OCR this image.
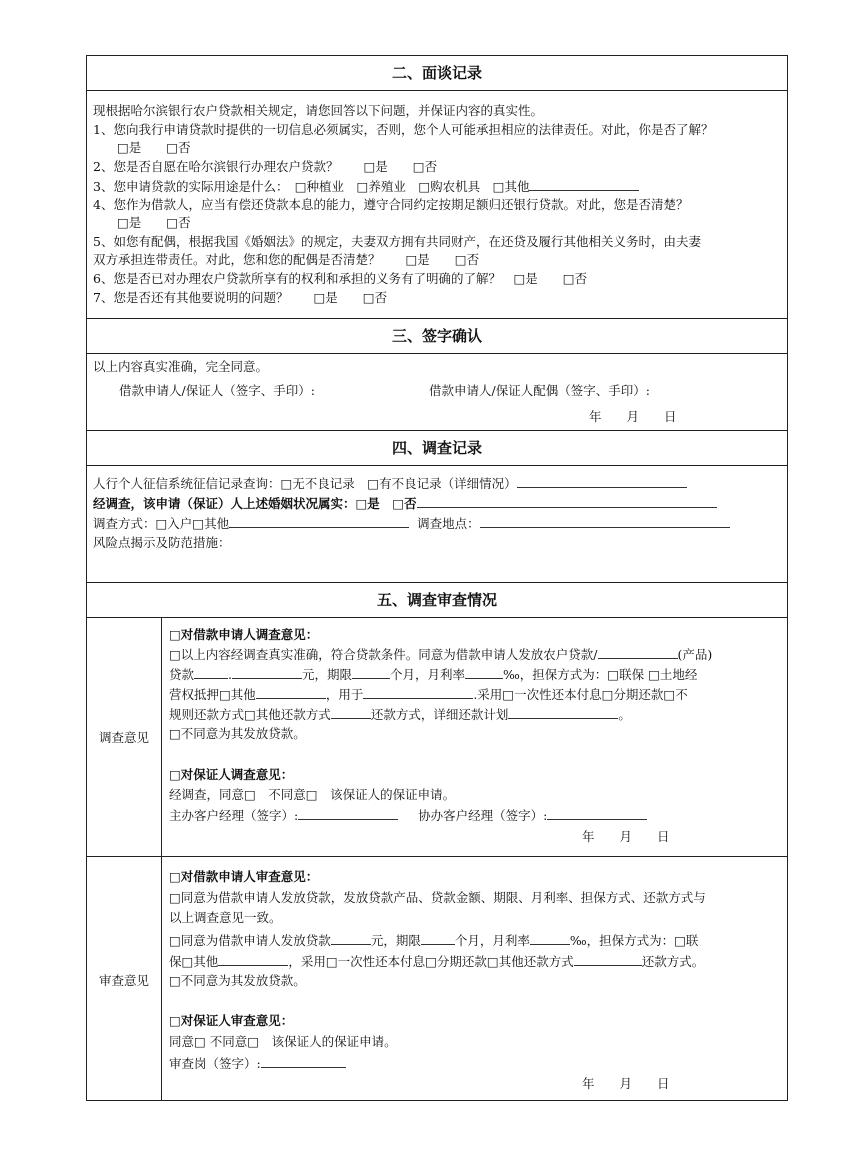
二、面谈记录
现根据哈尔滨银行农户贷款相关规定，请您回答以下问题，并保证内容的真实性。
1、您向我行申请贷款时提供的一切信息必须属实，否则，您个人可能承担相应的法律责任。对此，你是否了解？
□是　　□否
2、您是否自愿在哈尔滨银行办理农户贷款？　　□是　　□否
3、您申请贷款的实际用途是什么：　□种植业　□养殖业　□购农机具　□其他
4、您作为借款人，应当有偿还贷款本息的能力，遵守合同约定按期足额归还银行贷款。对此，您是否清楚？
□是　　□否
5、如您有配偶，根据我国《婚姻法》的规定，夫妻双方拥有共同财产，在还贷及履行其他相关义务时，由夫妻
双方承担连带责任。对此，您和您的配偶是否清楚？　　□是　　□否
6、您是否已对办理农户贷款所享有的权利和承担的义务有了明确的了解？　□是　　□否
7、您是否还有其他要说明的问题？　　□是　　□否
三、签字确认
以上内容真实准确，完全同意。
借款申请人/保证人（签字、手印）:	借款申请人/保证人配偶（签字、手印）:
年　　月　　日
四、调查记录
人行个人征信系统征信记录查询：□无不良记录　□有不良记录（详细情况）
经调查，该申请（保证）人上述婚姻状况属实：□是　□否
调查方式：□入户□其他	调查地点：
风险点揭示及防范措施：
五、调查审查情况
调查意见
□对借款申请人调查意见：
□以上内容经调查真实准确，符合贷款条件。同意为借款申请人发放农户贷款/	(产品)
贷款	.	元，期限	个月，月利率	‰，担保方式为：□联保 □土地经
营权抵押□其他	，用于	.采用□一次性还本付息□分期还款□不
规则还款方式□其他还款方式	还款方式，详细还款计划	。
□不同意为其发放贷款。
□对保证人调查意见：
经调查，同意□　不同意□　该保证人的保证申请。
主办客户经理（签字）:	协办客户经理（签字）:
年　　月　　日
审查意见
□对借款申请人审查意见：
□同意为借款申请人发放贷款，发放贷款产品、贷款金额、期限、月利率、担保方式、还款方式与
以上调查意见一致。
□同意为借款申请人发放贷款	元，期限	个月，月利率	‰，担保方式为：□联
保□其他	，采用□一次性还本付息□分期还款□其他还款方式	还款方式。
□不同意为其发放贷款。
□对保证人审查意见：
同意□ 不同意□　该保证人的保证申请。
审查岗（签字）:
年　　月　　日
